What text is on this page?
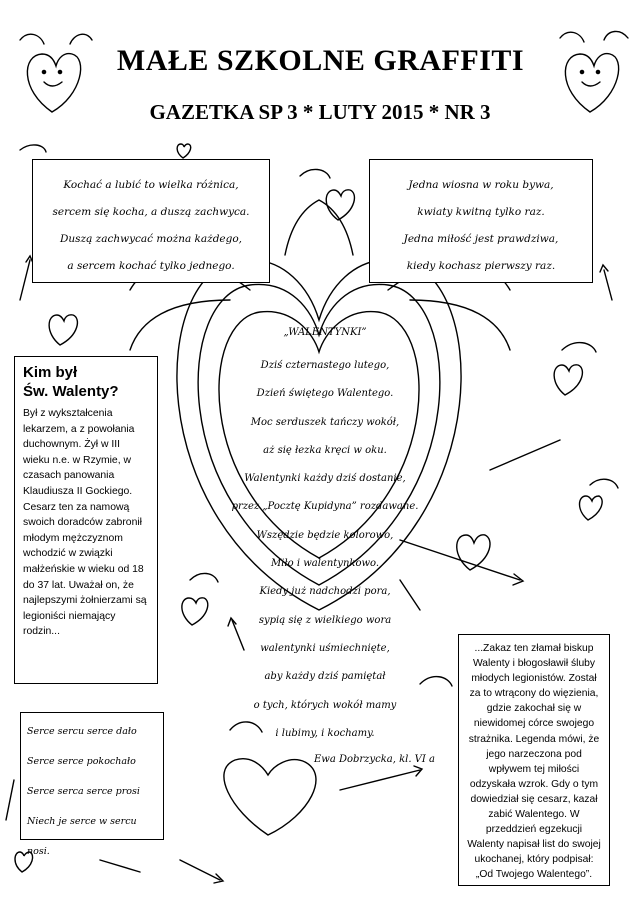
MAŁE SZKOLNE GRAFFITI
GAZETKA SP 3 * LUTY 2015 * NR 3
Kochać a lubić to wielka różnica,
sercem się kocha, a duszą zachwyca.
Duszą zachwycać można każdego,
a sercem kochać tylko jednego.
Jedna wiosna w roku bywa,
kwiaty kwitną tylko raz.
Jedna miłość jest prawdziwa,
kiedy kochasz pierwszy raz.
Kim był
Św. Walenty?
Był z wykształcenia lekarzem, a z powołania duchownym. Żył w III wieku n.e. w Rzymie, w czasach panowania Klaudiusza II Gockiego. Cesarz ten za namową swoich doradców zabronił młodym mężczyznom wchodzić w związki małżeńskie w wieku od 18 do 37 lat. Uważał on, że najlepszymi żołnierzami są legioniści niemający rodzin...
„WALENTYNKI”
Dziś czternastego lutego,
Dzień świętego Walentego.
Moc serduszek tańczy wokół,
aż się łezka kręci w oku.
Walentynki każdy dziś dostanie,
przez „Pocztę Kupidyna” rozdawane.
Wszędzie będzie kolorowo,
Miło i walentynkowo.
Kiedy już nadchodzi pora,
sypią się z wielkiego wora
walentynki uśmiechnięte,
aby każdy dziś pamiętał
o tych, których wokół mamy
i lubimy, i kochamy.
Ewa Dobrzycka, kl. VI a
Serce sercu serce dało
Serce serce pokochało
Serce serca serce prosi
Niech je serce w sercu nosi.
...Zakaz ten złamał biskup Walenty i błogosławił śluby młodych legionistów. Został za to wtrącony do więzienia, gdzie zakochał się w niewidomej córce swojego strażnika. Legenda mówi, że jego narzeczona pod wpływem tej miłości odzyskała wzrok. Gdy o tym dowiedział się cesarz, kazał zabić Walentego. W przeddzień egzekucji Walenty napisał list do swojej ukochanej, który podpisał: „Od Twojego Walentego”.
